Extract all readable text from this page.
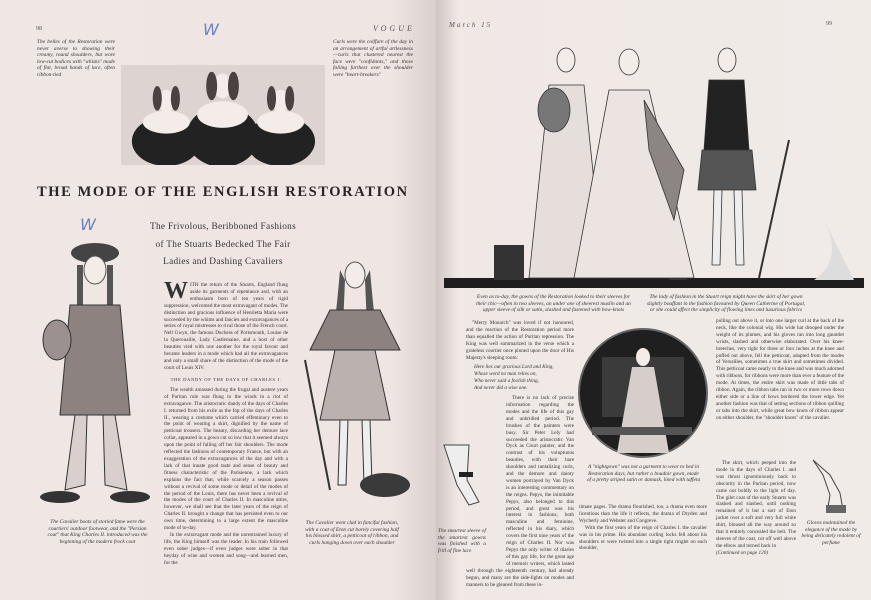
98	VOGUE
The belles of the Restoration were never averse to showing their creamy, round shoulders, but wore low-cut bodices with "whisks" made of flat, broad bands of lace, often ribbon-tied
Curls were the coiffure of the day in an arrangement of artful artlessness—curls that clustered nearest the face were "confidants," and those falling farthest over the shoulder were "heart-breakers"
W
W
THE MODE OF THE ENGLISH RESTORATION
The Frivolous, Beribboned Fashions
of The Stuarts Bedecked The Fair
Ladies and Dashing Cavaliers
WITH the return of the Stuarts, England flung aside its garments of repentance and, with an enthusiasm born of ten years of rigid suppression, welcomed the most extravagant of modes. The distinction and gracious influence of Henrietta Maria were succeeded by the whims and fancies and extravagances of a series of royal mistresses to rival those of the French court. Nell Gwyn, the famous Duchess of Portsmouth, Louise de la Querouaille, Lady Castlemaine, and a host of other beauties vied with one another for the royal favour and became leaders in a mode which had all the extravagances and only a small share of the distinction of the mode of the court of Louis XIV.
THE DANDY OF THE DAYS OF CHARLES I.

The wealth amassed during the frugal and austere years of Puritan rule was flung to the winds in a riot of extravagance. The aristocratic dandy of the days of Charles I. returned from his exile as the fop of the days of Charles II., wearing a costume which carried effeminacy even to the point of wearing a skirt, dignified by the name of petticoat trousers. The beauty, discarding her demure lace collar, appeared in a gown cut so low that it seemed always upon the point of falling off her fair shoulders. The mode reflected the fashions of contemporary France, but with an exaggeration of the extravagances of the day and with a lack of that innate good taste and sense of beauty and fitness characteristic of the Parisienne, a lack which explains the fact that, while scarcely a season passes without a revival of some mode or detail of the modes of the period of the Louis, there has never been a revival of the modes of the court of Charles II. In masculine attire, however, we shall see that the later years of the reign of Charles II. brought a change that has persisted even to our own time, determining to a large extent the masculine mode of to-day.

In the extravagant mode and the unrestrained luxury of life, the King himself was the leader. In his train followed even sober judges—if even judges were sober in that heyday of wine and women and song—and learned men, for the

The Cavalier boots of storied fame were the courtiers' outdoor footwear, and the "Persian coat" that King Charles II. introduced was the beginning of the modern frock coat
The Cavalier went clad in fanciful fashion, with a coat of Eton cut barely covering half his blossed shirt, a petticoat of ribbon, and curls hanging down over each shoulder
March 15	99
Even as to-day, the gowns of the Restoration looked to their sleeves for their chic—often in two sleeves, an under one of sheerest muslin and an upper sleeve of silk or satin, slashed and fastened with bow-knots
The lady of fashion in the Stuart reign might have the skirt of her gown slightly bouffant in the fashion favoured by Queen Catherine of Portugal, or she could affect the simplicity of flowing lines and luxurious fabrics

"Merry Monarch" was loved if not honoured, and the reaction of the Restoration period more than equalled the action of Puritan repression. The King was well summarized in the verse which a grateless courtier once pinned upon the door of His Majesty's sleeping room:

Here lies our gracious Lord and King,
Whose word no man relies on,
Who never said a foolish thing,
And never did a wise one.

There is no lack of precise information regarding the modes and the life of this gay and unbridled period. The brushes of the painters were busy. Sir Peter Lely had succeeded the aristocratic Van Dyck as Court painter, and the contrast of his voluptuous beauties, with their bare shoulders and tantalizing curls, and the demure and dainty women portrayed by Van Dyck is an interesting commentary on the reigns. Pepys, the inimitable Pepys, also belonged to this period, and great was his interest in fashions, both masculine and feminine, reflected in his diary, which covers the first nine years of the reign of Charles II. Nor was Pepys the only writer of diaries of this gay life, for the great age of memoir writers, which lasted well through the eighteenth century, had already begun, and many are the side-lights on modes and manners to be gleaned from these in-

The smartest sleeve of the smartest gowns was finished with a frill of fine lace
A "nightgown" was not a garment to wear to bed in Restoration days, but rather a boudoir gown, made of a pretty striped satin or damask, lined with taffeta
timate pages. The drama flourished, too, a drama even more licentious than the life it reflects, the drama of Dryden and Wycherly and Webster and Congreve.

With the first years of the reign of Charles I. the cavalier was in his prime. His abundant curling locks fell about his shoulders or were twisted into a single tight ringlet on each shoulder,

pulling out above it, or into one larger curl at the back of the neck, like the colonial wig. His wide hat drooped under the weight of its plumes, and his gloves ran into long gauntlet wrists, slashed and otherwise elaborated. Over his knee-breeches, very tight for three or four inches at the knee and puffed out above, fell the petticoat, adapted from the modes of Versailles, sometimes a true skirt and sometimes divided. This petticoat came nearly to the knee and was much adorned with ribbons, for ribbons were more than ever a feature of the mode. At times, the entire skirt was made of little tabs of ribbon. Again, the ribbon tabs ran in two or more rows down either side or a line of bows bordered the lower edge. Yet another fashion was that of setting sections of ribbon quilling or tabs into the skirt, while great bow knots of ribbon appear on either shoulder, the "shoulder knots" of the cavalier.

The skirt, which peeped into the mode in the days of Charles I. and was thrust ignominiously back to obscurity in the Puritan period, now came out boldly to the light of day. The gilet coat of the early Stuarts was slashed and slashed, until nothing remained of it but a sort of Eton jacket over a soft and very full white shirt, bloused all the way around so that it entirely concealed the belt. The sleeves of the coat, cut off well above the elbow and turned back in

(Continued on page 120)
Gloves maintained the elegance of the mode by being delicately redolent of perfume
